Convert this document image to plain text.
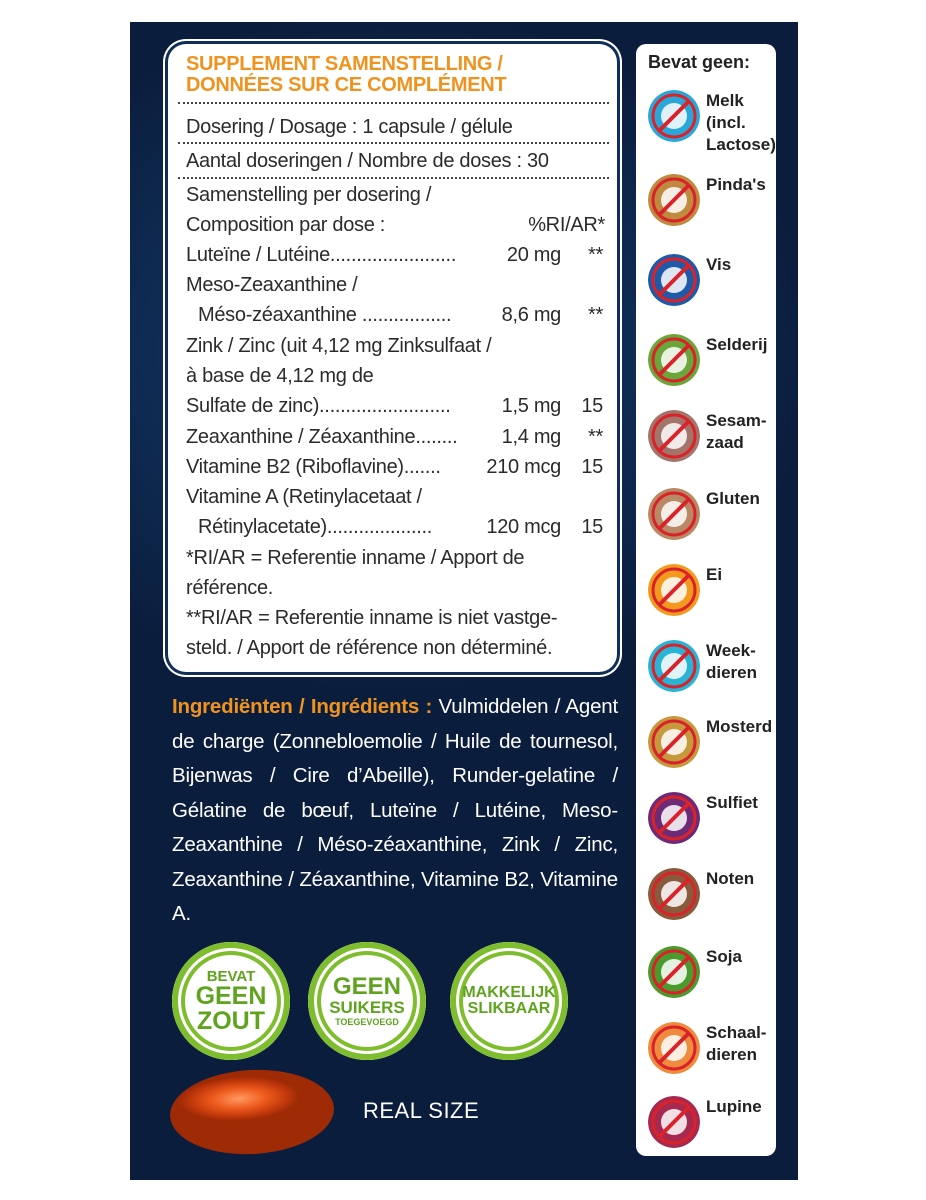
SUPPLEMENT SAMENSTELLING /
DONNÉES SUR CE COMPLÉMENT
Dosering / Dosage : 1 capsule / gélule
Aantal doseringen / Nombre de doses : 30
Samenstelling per dosering /
Composition par dose :	%RI/AR*
Luteïne / Lutéine........................	20 mg	**
Meso-Zeaxanthine /
Méso-zéaxanthine .................	8,6 mg	**
Zink / Zinc (uit 4,12 mg Zinksulfaat /
à base de 4,12 mg de
Sulfate de zinc).........................	1,5 mg	15
Zeaxanthine / Zéaxanthine........ 1,4 mg	**
Vitamine B2 (Riboflavine)....... 210 mcg	15
Vitamine A (Retinylacetaat /
Rétinylacetate)....................	120 mcg	15
*RI/AR = Referentie inname / Apport de
référence.
**RI/AR = Referentie inname is niet vastge-
steld. / Apport de référence non déterminé.
Ingrediënten / Ingrédients : Vulmiddelen / Agent de charge (Zonnebloemolie / Huile de tournesol, Bijenwas / Cire d’Abeille), Runder-gelatine / Gélatine de bœuf, Luteïne / Lutéine, Meso-Zeaxanthine / Méso-zéaxanthine, Zink / Zinc, Zeaxanthine / Zéaxanthine, Vitamine B2, Vitamine A.
BEVAT
GEEN
ZOUT
GEEN
SUIKERS
TOEGEVOEGD
MAKKELIJK
SLIKBAAR
REAL SIZE
Bevat geen:
Melk
(incl.
Lactose)
Pinda's
Vis
Selderij
Sesam-
zaad
Gluten
Ei
Week-
dieren
Mosterd
Sulfiet
Noten
Soja
Schaal-
dieren
Lupine
